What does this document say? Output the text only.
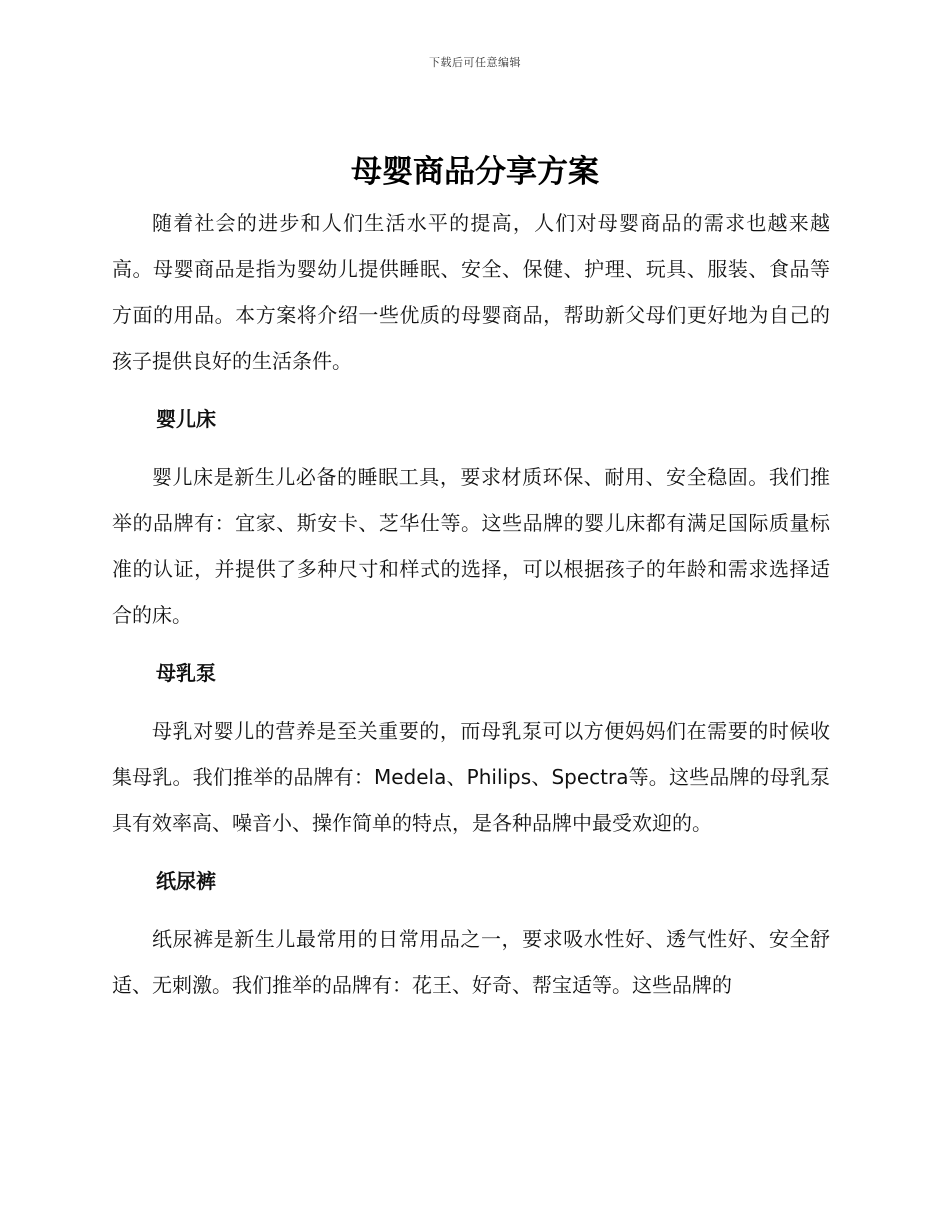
下载后可任意编辑
母婴商品分享方案

随着社会的进步和人们生活水平的提高，人们对母婴商品的需求也越来越高。母婴商品是指为婴幼儿提供睡眠、安全、保健、护理、玩具、服装、食品等方面的用品。本方案将介绍一些优质的母婴商品，帮助新父母们更好地为自己的孩子提供良好的生活条件。

婴儿床

婴儿床是新生儿必备的睡眠工具，要求材质环保、耐用、安全稳固。我们推举的品牌有：宜家、斯安卡、芝华仕等。这些品牌的婴儿床都有满足国际质量标准的认证，并提供了多种尺寸和样式的选择，可以根据孩子的年龄和需求选择适合的床。

母乳泵

母乳对婴儿的营养是至关重要的，而母乳泵可以方便妈妈们在需要的时候收集母乳。我们推举的品牌有：Medela、Philips、Spectra等。这些品牌的母乳泵具有效率高、噪音小、操作简单的特点，是各种品牌中最受欢迎的。

纸尿裤

纸尿裤是新生儿最常用的日常用品之一，要求吸水性好、透气性好、安全舒适、无刺激。我们推举的品牌有：花王、好奇、帮宝适等。这些品牌的
